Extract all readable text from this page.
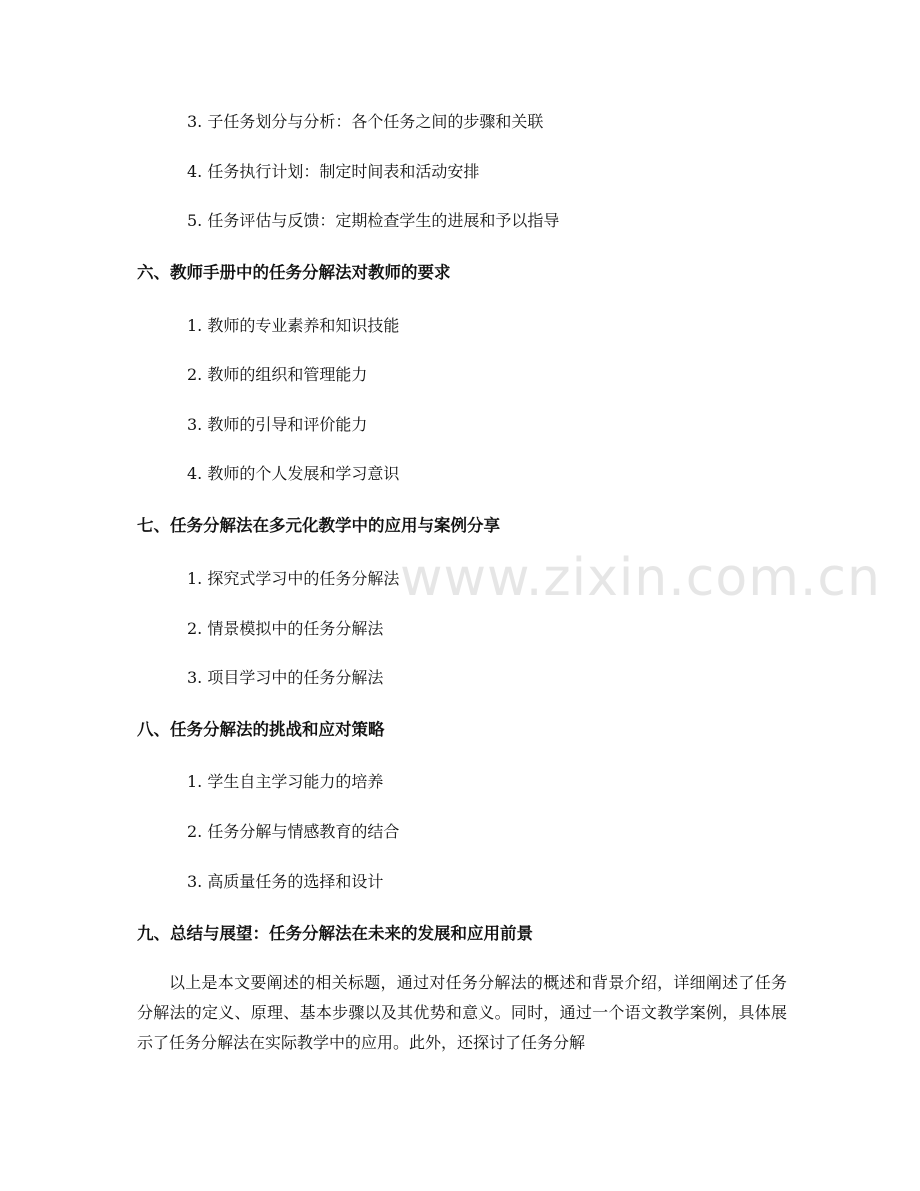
www.zixin.com.cn
3. 子任务划分与分析：各个任务之间的步骤和关联
4. 任务执行计划：制定时间表和活动安排
5. 任务评估与反馈：定期检查学生的进展和予以指导
六、教师手册中的任务分解法对教师的要求
1. 教师的专业素养和知识技能
2. 教师的组织和管理能力
3. 教师的引导和评价能力
4. 教师的个人发展和学习意识
七、任务分解法在多元化教学中的应用与案例分享
1. 探究式学习中的任务分解法
2. 情景模拟中的任务分解法
3. 项目学习中的任务分解法
八、任务分解法的挑战和应对策略
1. 学生自主学习能力的培养
2. 任务分解与情感教育的结合
3. 高质量任务的选择和设计
九、总结与展望：任务分解法在未来的发展和应用前景
以上是本文要阐述的相关标题，通过对任务分解法的概述和背景介绍，详细阐述了任务分解法的定义、原理、基本步骤以及其优势和意义。同时，通过一个语文教学案例，具体展示了任务分解法在实际教学中的应用。此外，还探讨了任务分解
